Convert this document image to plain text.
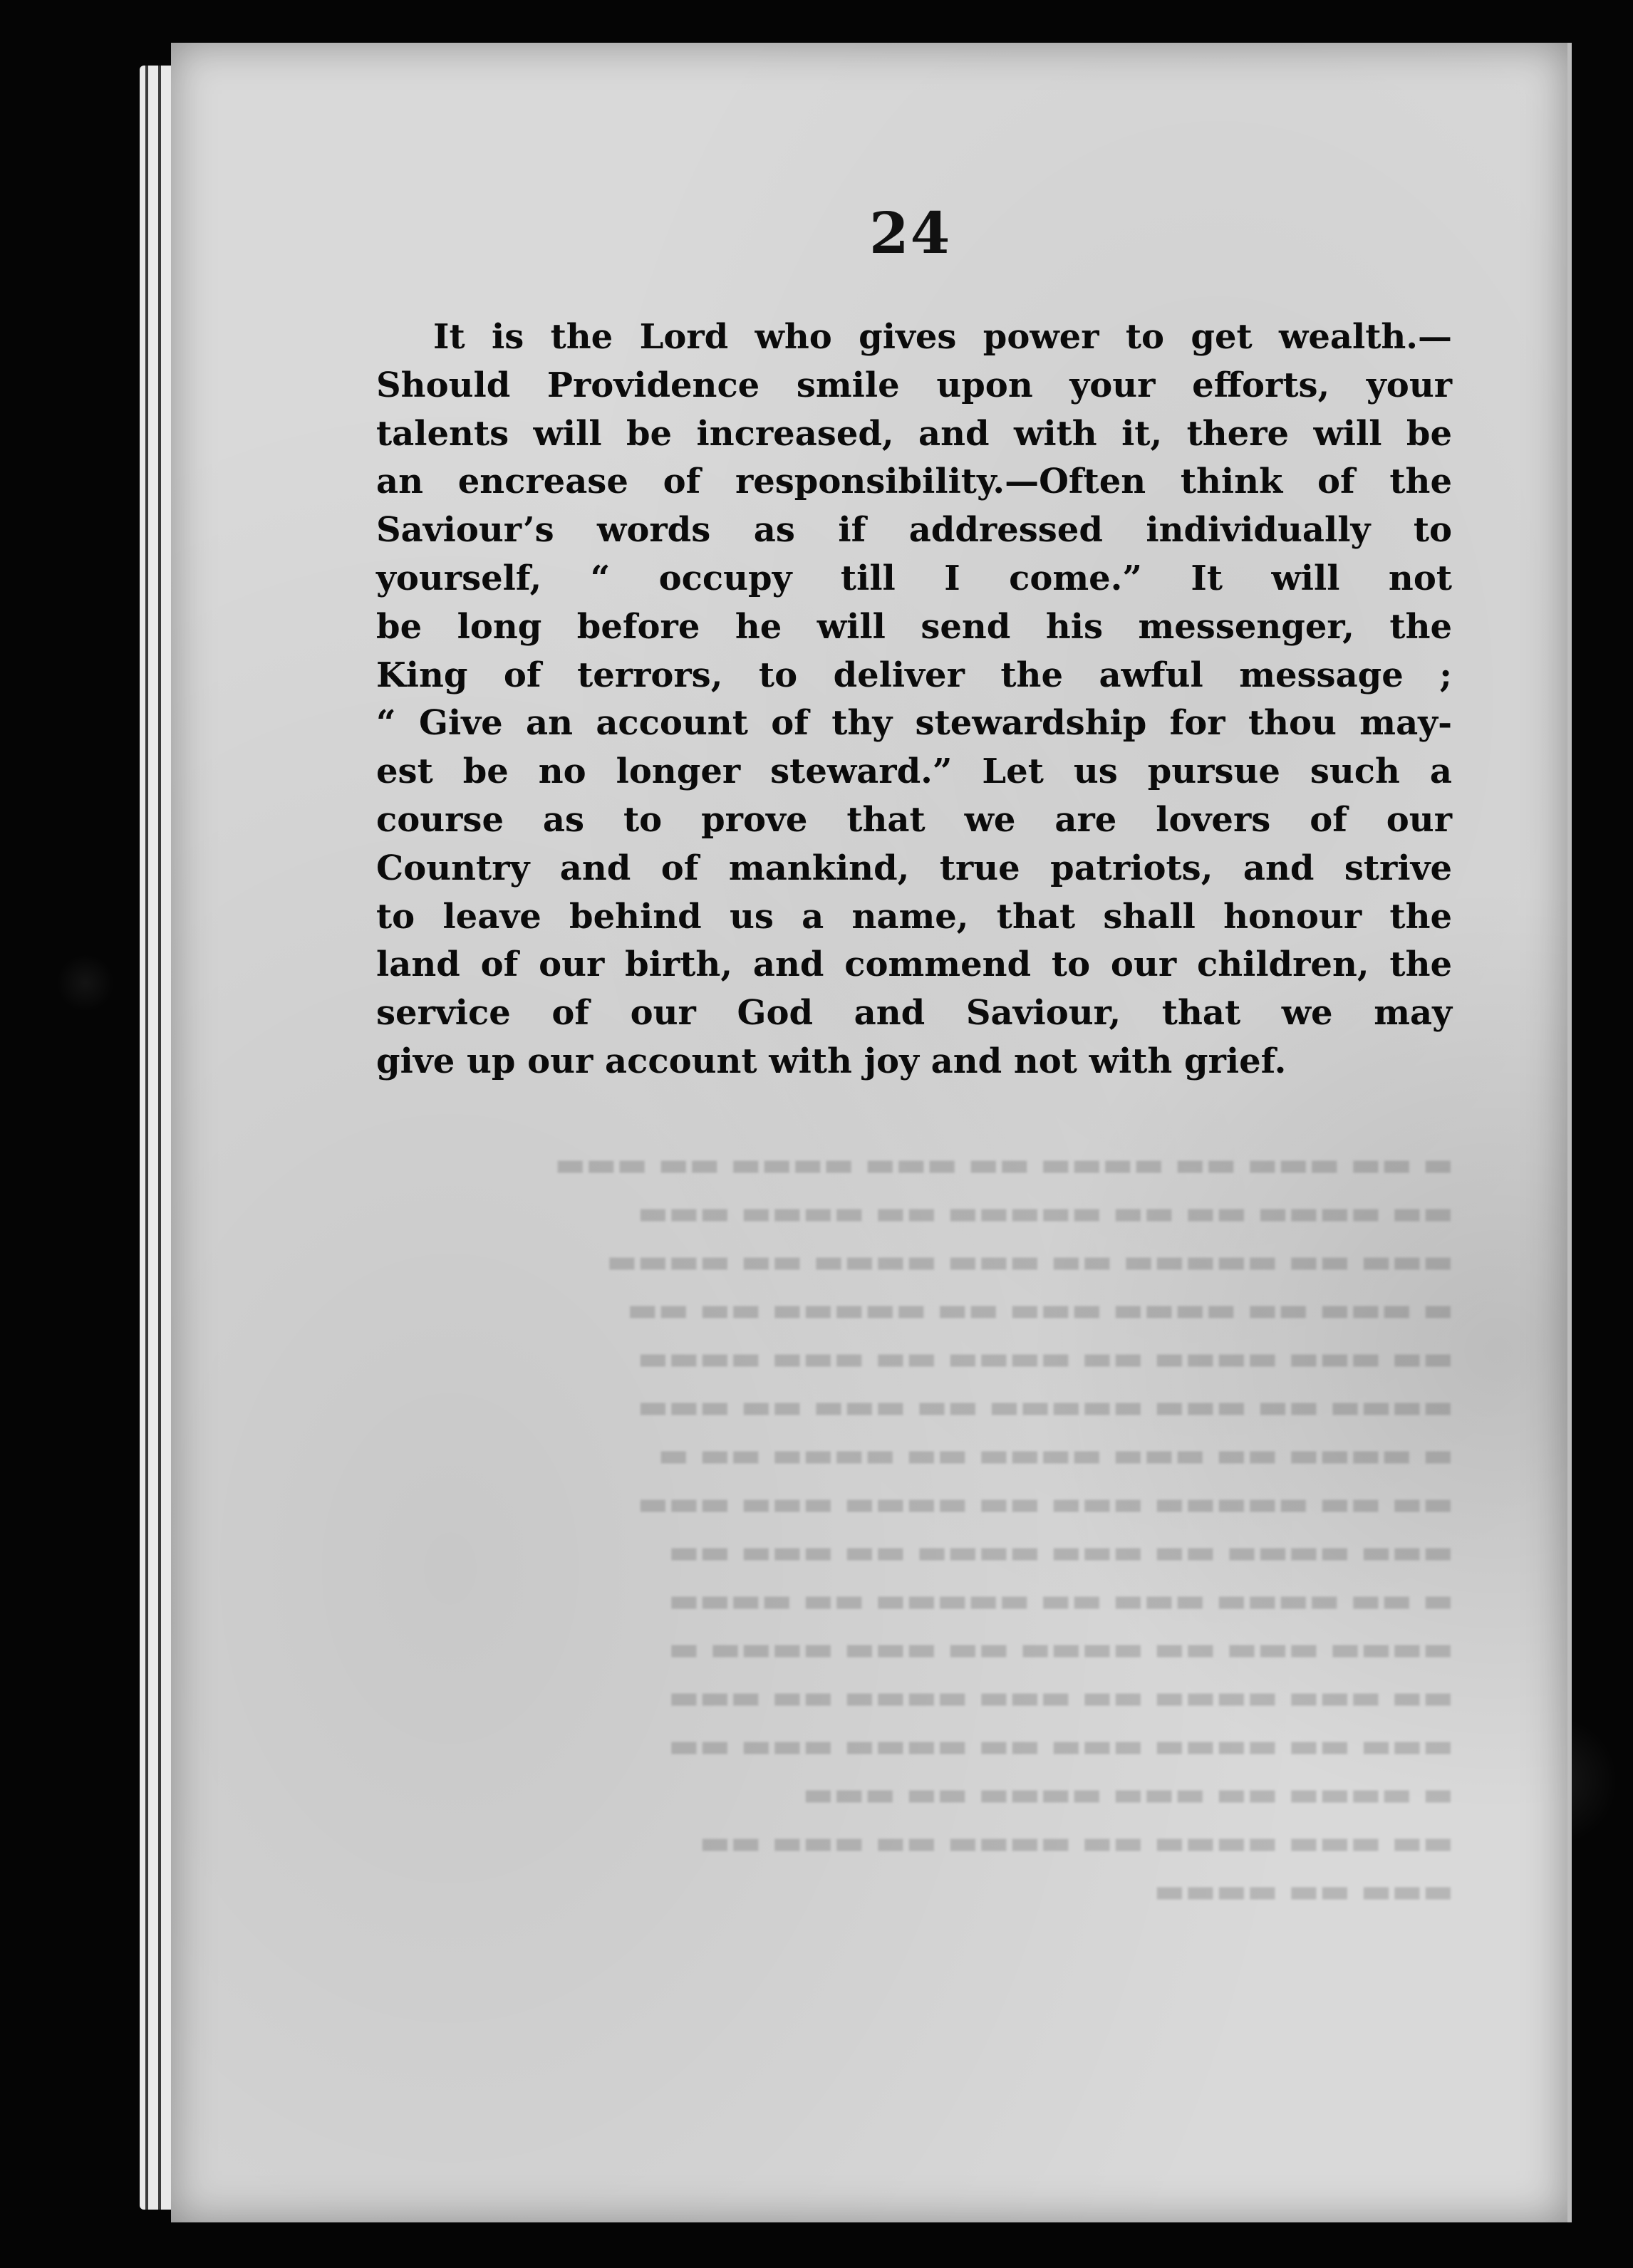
▬ ▬▬ ▬▬▬ ▬▬ ▬▬▬▬ ▬▬ ▬▬▬ ▬▬▬▬ ▬▬ ▬▬▬
▬▬ ▬▬▬▬ ▬▬ ▬▬ ▬▬▬▬▬ ▬▬ ▬▬▬▬ ▬▬▬
▬▬▬ ▬▬ ▬▬▬▬▬ ▬▬ ▬▬▬ ▬▬▬▬ ▬▬ ▬▬▬▬
▬ ▬▬▬ ▬▬ ▬▬▬▬ ▬▬▬ ▬▬ ▬▬▬▬▬ ▬▬ ▬▬
▬▬ ▬▬▬ ▬▬▬▬ ▬▬ ▬▬▬▬ ▬▬ ▬▬▬ ▬▬▬▬
▬▬▬▬ ▬▬ ▬▬▬ ▬▬▬▬▬ ▬▬ ▬▬▬ ▬▬ ▬▬▬
▬ ▬▬▬▬ ▬▬ ▬▬▬ ▬▬▬▬ ▬▬ ▬▬▬▬ ▬▬ ▬
▬▬ ▬▬ ▬▬▬▬▬ ▬▬▬ ▬▬ ▬▬▬▬ ▬▬▬ ▬▬▬
▬▬▬ ▬▬▬▬ ▬▬ ▬▬▬ ▬▬▬▬ ▬▬ ▬▬▬ ▬▬
▬ ▬▬ ▬▬▬▬ ▬▬▬ ▬▬ ▬▬▬▬▬ ▬▬ ▬▬▬▬
▬▬▬▬ ▬▬▬ ▬▬ ▬▬▬▬ ▬▬ ▬▬▬ ▬▬▬▬ ▬
▬▬ ▬▬▬ ▬▬▬▬ ▬▬ ▬▬▬ ▬▬▬▬ ▬▬ ▬▬▬
▬▬▬ ▬▬ ▬▬▬▬ ▬▬▬ ▬▬ ▬▬▬▬ ▬▬▬ ▬▬
▬ ▬▬▬▬ ▬▬ ▬▬▬ ▬▬▬▬ ▬▬ ▬▬▬
▬▬ ▬▬▬ ▬▬▬▬ ▬▬ ▬▬▬▬ ▬▬ ▬▬▬ ▬▬
▬▬▬ ▬▬ ▬▬▬▬
24
It is the Lord who gives power to get wealth.—
Should Providence smile upon your efforts, your
talents will be increased, and with it, there will be
an encrease of responsibility.—Often think of the
Saviour’s words as if addressed individually to
yourself, “ occupy till I come.” It will not
be long before he will send his messenger, the
King of terrors, to deliver the awful message ;
“ Give an account of thy stewardship for thou may-
est be no longer steward.” Let us pursue such a
course as to prove that we are lovers of our
Country and of mankind, true patriots, and strive
to leave behind us a name, that shall honour the
land of our birth, and commend to our children, the
service of our God and Saviour, that we may
give up our account with joy and not with grief.
